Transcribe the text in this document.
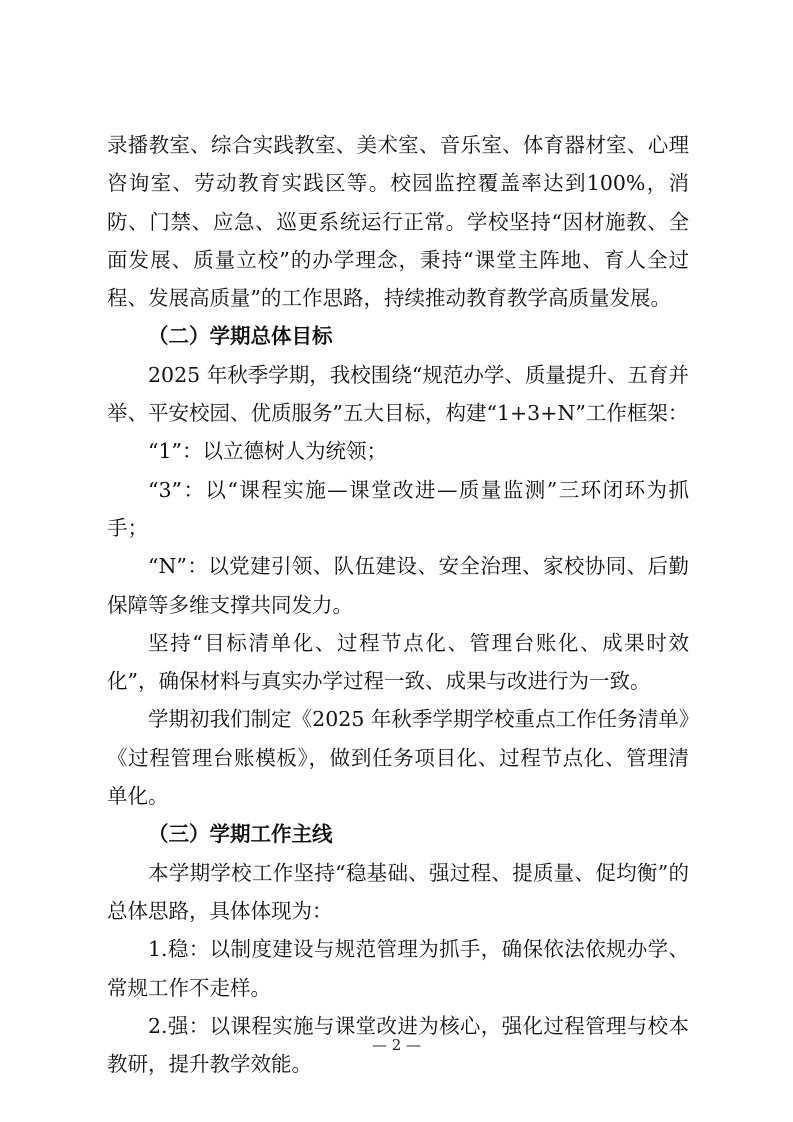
录播教室、综合实践教室、美术室、音乐室、体育器材室、心理咨询室、劳动教育实践区等。校园监控覆盖率达到100%，消防、门禁、应急、巡更系统运行正常。学校坚持“因材施教、全面发展、质量立校”的办学理念，秉持“课堂主阵地、育人全过程、发展高质量”的工作思路，持续推动教育教学高质量发展。

（二）学期总体目标

2025 年秋季学期，我校围绕“规范办学、质量提升、五育并举、平安校园、优质服务”五大目标，构建“1+3+N”工作框架：

“1”：以立德树人为统领；

“3”：以“课程实施—课堂改进—质量监测”三环闭环为抓手；

“N”：以党建引领、队伍建设、安全治理、家校协同、后勤保障等多维支撑共同发力。

坚持“目标清单化、过程节点化、管理台账化、成果时效化”，确保材料与真实办学过程一致、成果与改进行为一致。

学期初我们制定《2025 年秋季学期学校重点工作任务清单》《过程管理台账模板》，做到任务项目化、过程节点化、管理清单化。

（三）学期工作主线

本学期学校工作坚持“稳基础、强过程、提质量、促均衡”的总体思路，具体体现为：

1.稳：以制度建设与规范管理为抓手，确保依法依规办学、常规工作不走样。

2.强：以课程实施与课堂改进为核心，强化过程管理与校本教研，提升教学效能。

— 2 —
